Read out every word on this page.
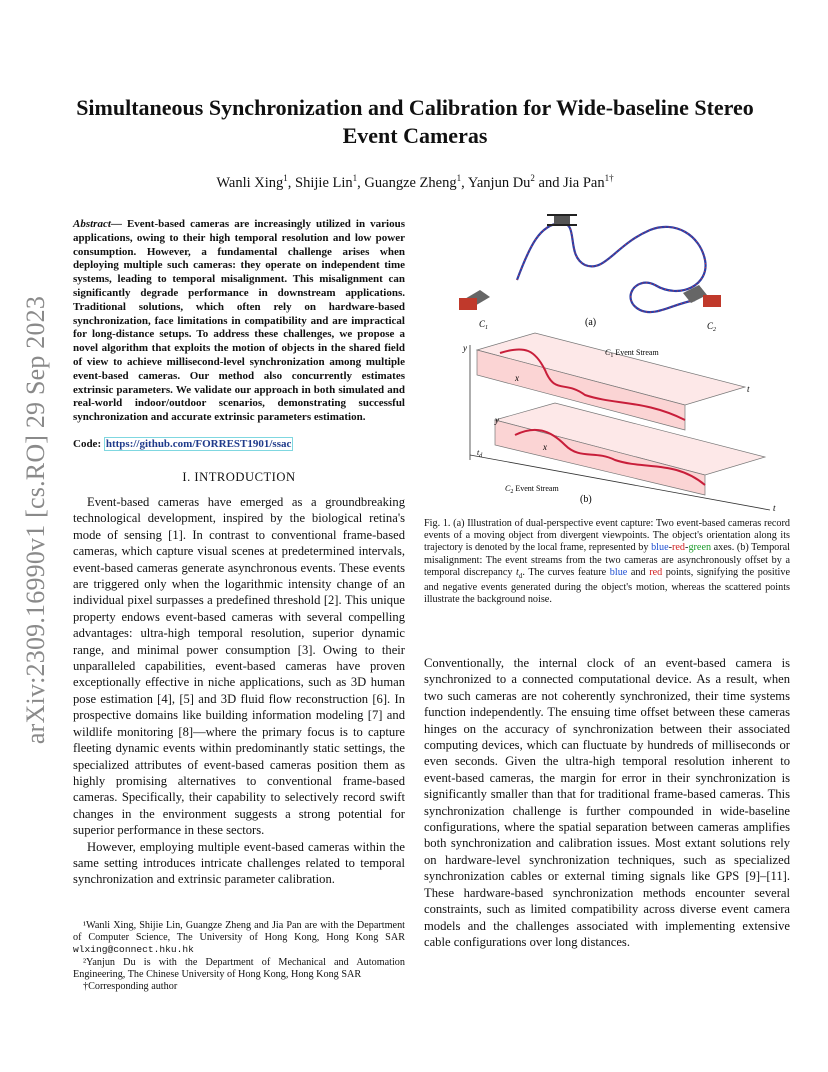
arXiv:2309.16990v1 [cs.RO] 29 Sep 2023
Simultaneous Synchronization and Calibration for Wide-baseline Stereo
Event Cameras
Wanli Xing$^1$, Shijie Lin$^1$, Guangze Zheng$^1$, Yanjun Du$^2$ and Jia Pan$^{1\dagger}$
Abstract— Event-based cameras are increasingly utilized in various applications, owing to their high temporal resolution and low power consumption. However, a fundamental challenge arises when deploying multiple such cameras: they operate on independent time systems, leading to temporal misalignment. This misalignment can significantly degrade performance in downstream applications. Traditional solutions, which often rely on hardware-based synchronization, face limitations in compatibility and are impractical for long-distance setups. To address these challenges, we propose a novel algorithm that exploits the motion of objects in the shared field of view to achieve millisecond-level synchronization among multiple event-based cameras. Our method also concurrently estimates extrinsic parameters. We validate our approach in both simulated and real-world indoor/outdoor scenarios, demonstrating successful synchronization and accurate extrinsic parameters estimation.
Code: https://github.com/FORREST1901/ssac
I. INTRODUCTION

Event-based cameras have emerged as a groundbreaking technological development, inspired by the biological retina's mode of sensing [1]. In contrast to conventional frame-based cameras, which capture visual scenes at predetermined intervals, event-based cameras generate asynchronous events. These events are triggered only when the logarithmic intensity change of an individual pixel surpasses a predefined threshold [2]. This unique property endows event-based cameras with several compelling advantages: ultra-high temporal resolution, superior dynamic range, and minimal power consumption [3]. Owing to their unparalleled capabilities, event-based cameras have proven exceptionally effective in niche applications, such as 3D human pose estimation [4], [5] and 3D fluid flow reconstruction [6]. In prospective domains like building information modeling [7] and wildlife monitoring [8]—where the primary focus is to capture fleeting dynamic events within predominantly static settings, the specialized attributes of event-based cameras position them as highly promising alternatives to conventional frame-based cameras. Specifically, their capability to selectively record swift changes in the environment suggests a strong potential for superior performance in these sectors.

However, employing multiple event-based cameras within the same setting introduces intricate challenges related to temporal synchronization and extrinsic parameter calibration.

¹Wanli Xing, Shijie Lin, Guangze Zheng and Jia Pan are with the Department of Computer Science, The University of Hong Kong, Hong Kong SAR wlxing@connect.hku.hk

²Yanjun Du is with the Department of Mechanical and Automation Engineering, The Chinese University of Hong Kong, Hong Kong SAR

†Corresponding author

$C_1$	$C_2$
(a)
y
y
x
x
t
t
$t_d$
$C_1$ Event Stream
$C_2$ Event Stream
(b)
Fig. 1. (a) Illustration of dual-perspective event capture: Two event-based cameras record events of a moving object from divergent viewpoints. The object's orientation along its trajectory is denoted by the local frame, represented by blue-red-green axes. (b) Temporal misalignment: The event streams from the two cameras are asynchronously offset by a temporal discrepancy $t_d$. The curves feature blue and red points, signifying the positive and negative events generated during the object's motion, whereas the scattered points illustrate the background noise.

Conventionally, the internal clock of an event-based camera is synchronized to a connected computational device. As a result, when two such cameras are not coherently synchronized, their time systems function independently. The ensuing time offset between these cameras hinges on the accuracy of synchronization between their associated computing devices, which can fluctuate by hundreds of milliseconds or even seconds. Given the ultra-high temporal resolution inherent to event-based cameras, the margin for error in their synchronization is significantly smaller than that for traditional frame-based cameras. This synchronization challenge is further compounded in wide-baseline configurations, where the spatial separation between cameras amplifies both synchronization and calibration issues. Most extant solutions rely on hardware-level synchronization techniques, such as specialized synchronization cables or external timing signals like GPS [9]–[11]. These hardware-based synchronization methods encounter several constraints, such as limited compatibility across diverse event camera models and the challenges associated with implementing extensive cable configurations over long distances.
